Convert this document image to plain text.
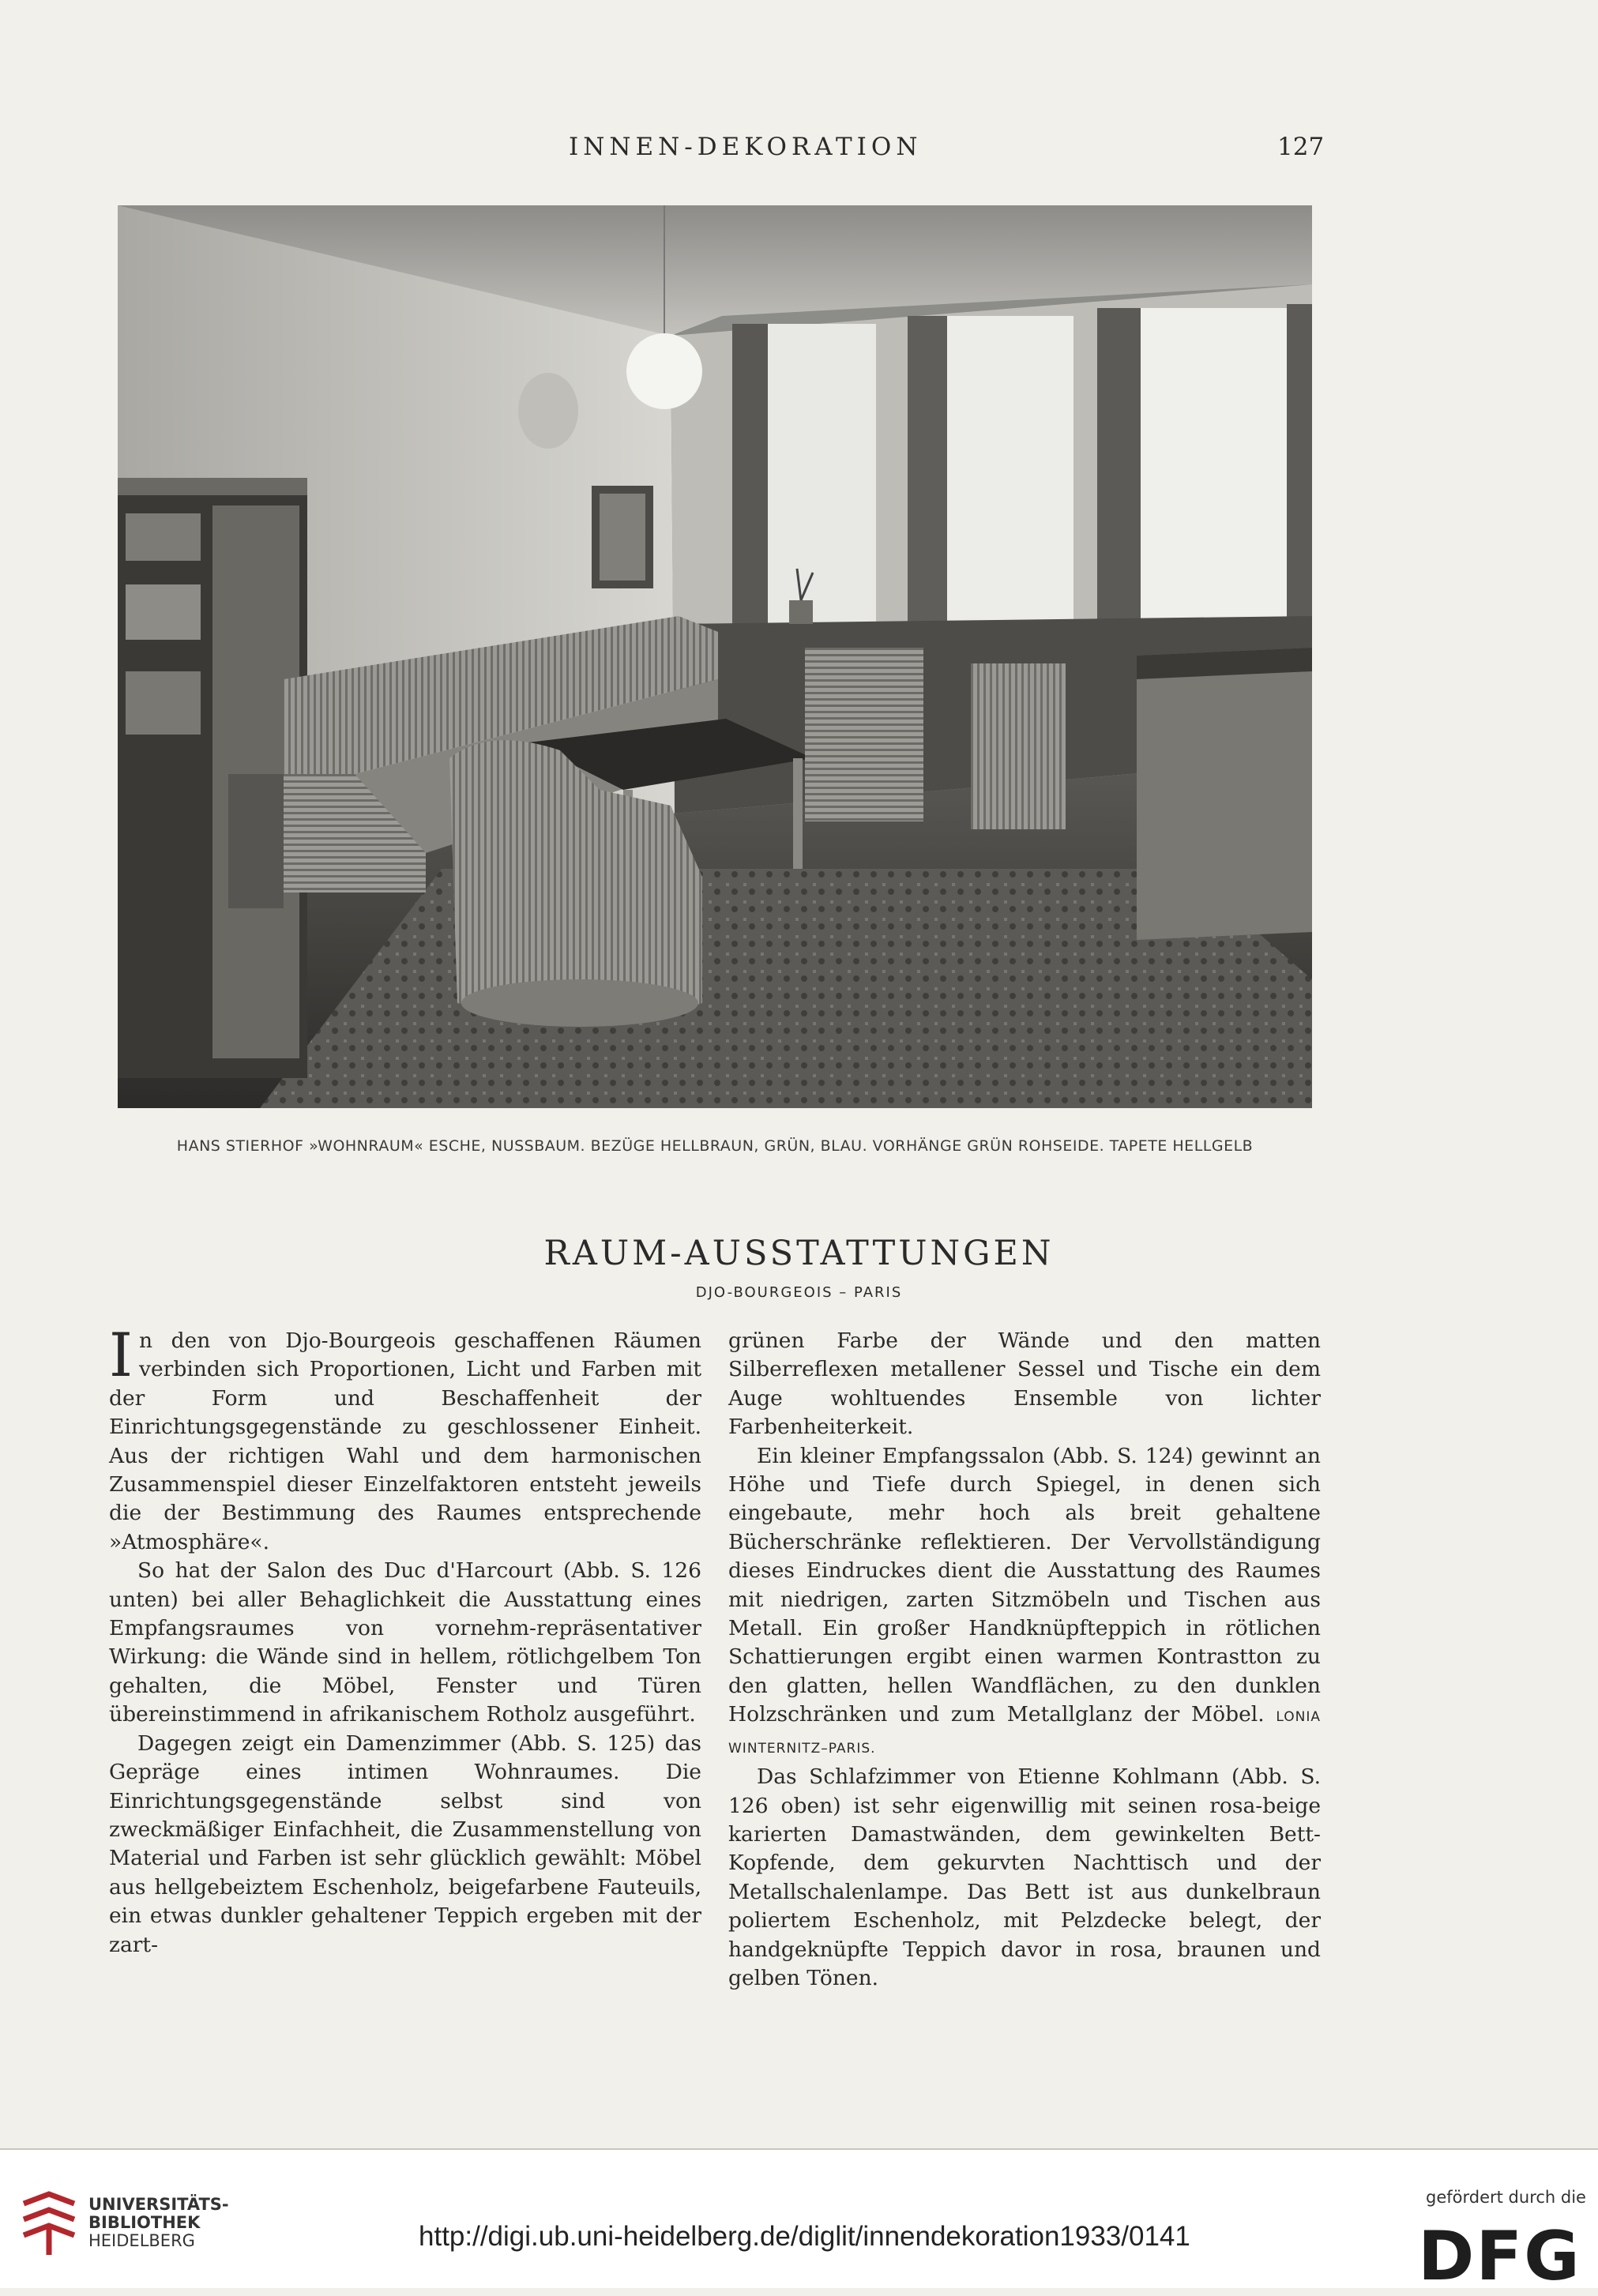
INNEN-DEKORATION	127
HANS STIERHOF »WOHNRAUM« ESCHE, NUSSBAUM. BEZÜGE HELLBRAUN, GRÜN, BLAU. VORHÄNGE GRÜN ROHSEIDE. TAPETE HELLGELB
RAUM-AUSSTATTUNGEN
DJO-BOURGEOIS – PARIS

In den von Djo-Bourgeois geschaffenen Räumen verbinden sich Proportionen, Licht und Farben mit der Form und Beschaffenheit der Einrichtungsgegenstände zu geschlossener Einheit. Aus der richtigen Wahl und dem harmonischen Zusammenspiel dieser Einzelfaktoren entsteht jeweils die der Bestimmung des Raumes entsprechende »Atmosphäre«.

So hat der Salon des Duc d'Harcourt (Abb. S. 126 unten) bei aller Behaglichkeit die Ausstattung eines Empfangsraumes von vornehm-repräsentativer Wirkung: die Wände sind in hellem, rötlichgelbem Ton gehalten, die Möbel, Fenster und Türen übereinstimmend in afrikanischem Rotholz ausgeführt.

Dagegen zeigt ein Damenzimmer (Abb. S. 125) das Gepräge eines intimen Wohnraumes. Die Einrichtungsgegenstände selbst sind von zweckmäßiger Einfachheit, die Zusammenstellung von Material und Farben ist sehr glücklich gewählt: Möbel aus hellgebeiztem Eschenholz, beigefarbene Fauteuils, ein etwas dunkler gehaltener Teppich ergeben mit der zart-

grünen Farbe der Wände und den matten Silberreflexen metallener Sessel und Tische ein dem Auge wohltuendes Ensemble von lichter Farbenheiterkeit.

Ein kleiner Empfangssalon (Abb. S. 124) gewinnt an Höhe und Tiefe durch Spiegel, in denen sich eingebaute, mehr hoch als breit gehaltene Bücherschränke reflektieren. Der Vervollständigung dieses Eindruckes dient die Ausstattung des Raumes mit niedrigen, zarten Sitzmöbeln und Tischen aus Metall. Ein großer Handknüpfteppich in rötlichen Schattierungen ergibt einen warmen Kontrastton zu den glatten, hellen Wandflächen, zu den dunklen Holzschränken und zum Metallglanz der Möbel. LONIA WINTERNITZ–PARIS.

Das Schlafzimmer von Etienne Kohlmann (Abb. S. 126 oben) ist sehr eigenwillig mit seinen rosa-beige karierten Damastwänden, dem gewinkelten Bett-Kopfende, dem gekurvten Nachttisch und der Metallschalenlampe. Das Bett ist aus dunkelbraun poliertem Eschenholz, mit Pelzdecke belegt, der handgeknüpfte Teppich davor in rosa, braunen und gelben Tönen.

UNIVERSITÄTS-
BIBLIOTHEK
HEIDELBERG	http://digi.ub.uni-heidelberg.de/diglit/innendekoration1933/0141
gefördert durch die
DFG
